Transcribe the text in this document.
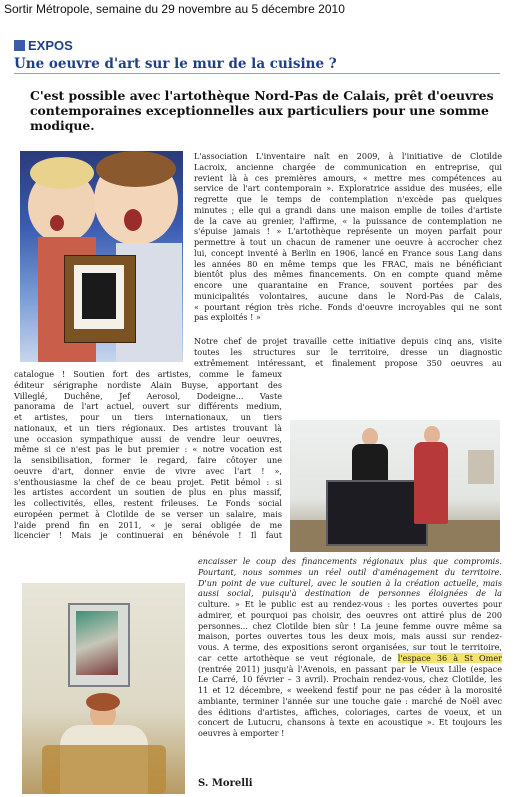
Sortir Métropole, semaine du 29 novembre au 5 décembre 2010
EXPOS
Une oeuvre d'art sur le mur de la cuisine ?
C'est possible avec l'artothèque Nord-Pas de Calais, prêt d'oeuvres contemporaines exceptionnelles aux particuliers pour une somme modique.
L'association L'inventaire naît en 2009, à l'initiative de Clotilde
Lacroix, ancienne chargée de communication en entreprise, qui
revient là à ces premières amours, « mettre mes compétences au
service de l'art contemporain ». Exploratrice assidue des musées, elle
regrette que le temps de contemplation n'excède pas quelques
minutes ; elle qui a grandi dans une maison emplie de toiles d'artiste
de la cave au grenier, l'affirme, « la puissance de contemplation ne
s'épuise jamais ! » L'artothèque représente un moyen parfait pour
permettre à tout un chacun de ramener une oeuvre à accrocher chez
lui, concept inventé à Berlin en 1906, lancé en France sous Lang dans
les années 80 en même temps que les FRAC, mais ne bénéficiant
bientôt plus des mêmes financements. On en compte quand même
encore une quarantaine en France, souvent portées par des
municipalités volontaires, aucune dans le Nord-Pas de Calais,
« pourtant région très riche. Fonds d'oeuvre incroyables qui ne sont
pas exploités ! »
Notre chef de projet travaille cette initiative depuis cinq ans, visite
toutes les structures sur le territoire, dresse un diagnostic
extrêmement intéressant, et finalement propose 350 oeuvres au
catalogue ! Soutien fort des artistes, comme le fameux
éditeur sérigraphe nordiste Alain Buyse, apportant des
Villeglé, Duchêne, Jef Aerosol, Dodeigne... Vaste
panorama de l'art actuel, ouvert sur différents medium,
et artistes, pour un tiers internationaux, un tiers
nationaux, et un tiers régionaux. Des artistes trouvant là
une occasion sympathique aussi de vendre leur oeuvres,
même si ce n'est pas le but premier : « notre vocation est
la sensibilisation, former le regard, faire côtoyer une
oeuvre d'art, donner envie de vivre avec l'art ! »,
s'enthousiasme la chef de ce beau projet. Petit bémol : si
les artistes accordent un soutien de plus en plus massif,
les collectivités, elles, restent frileuses. Le Fonds social
européen permet à Clotilde de se verser un salaire, mais
l'aide prend fin en 2011, « je serai obligée de me
licencier ! Mais je continuerai en bénévole ! Il faut
encaisser le coup des financements régionaux plus que compromis.
Pourtant, nous sommes un réel outil d'aménagement du territoire.
D'un point de vue culturel, avec le soutien à la création actuelle, mais
aussi social, puisqu'à destination de personnes éloignées de la
culture. » Et le public est au rendez-vous : les portes ouvertes pour
admirer, et pourquoi pas choisir, des oeuvres ont attiré plus de 200
personnes... chez Clotilde bien sûr ! La jeune femme ouvre même sa
maison, portes ouvertes tous les deux mois, mais aussi sur rendez-
vous. A terme, des expositions seront organisées, sur tout le territoire,
car cette artothèque se veut régionale, de l'espace 36 à St Omer
(rentrée 2011) jusqu'à l'Avenois, en passant par le Vieux Lille (espace
Le Carré, 10 février – 3 avril). Prochain rendez-vous, chez Clotilde, les
11 et 12 décembre, « weekend festif pour ne pas céder à la morosité
ambiante, terminer l'année sur une touche gaie : marché de Noël avec
des éditions d'artistes, affiches, coloriages, cartes de voeux, et un
concert de Lutucru, chansons à texte en acoustique ». Et toujours les
oeuvres à emporter !
S. Morelli
